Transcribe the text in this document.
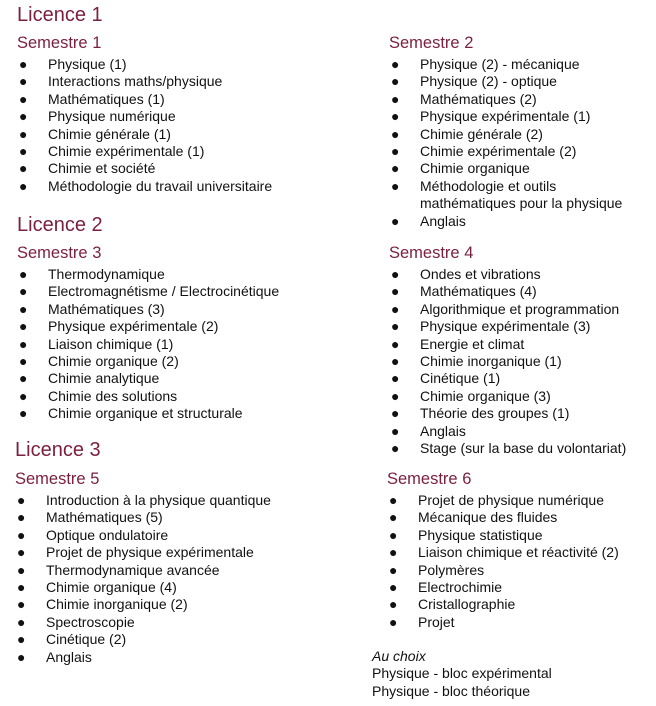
Licence 1
Licence 2
Licence 3
Semestre 1
● Physique (1)
● Interactions maths/physique
● Mathématiques (1)
● Physique numérique
● Chimie générale (1)
● Chimie expérimentale (1)
● Chimie et société
● Méthodologie du travail universitaire
Semestre 2
● Physique (2) - mécanique
● Physique (2) - optique
● Mathématiques (2)
● Physique expérimentale (1)
● Chimie générale (2)
● Chimie expérimentale (2)
● Chimie organique
● Méthodologie et outils mathématiques pour la physique
● Anglais
Semestre 3
● Thermodynamique
● Electromagnétisme / Electrocinétique
● Mathématiques (3)
● Physique expérimentale (2)
● Liaison chimique (1)
● Chimie organique (2)
● Chimie analytique
● Chimie des solutions
● Chimie organique et structurale
Semestre 4
● Ondes et vibrations
● Mathématiques (4)
● Algorithmique et programmation
● Physique expérimentale (3)
● Energie et climat
● Chimie inorganique (1)
● Cinétique (1)
● Chimie organique (3)
● Théorie des groupes (1)
● Anglais
● Stage (sur la base du volontariat)
Semestre 5
● Introduction à la physique quantique
● Mathématiques (5)
● Optique ondulatoire
● Projet de physique expérimentale
● Thermodynamique avancée
● Chimie organique (4)
● Chimie inorganique (2)
● Spectroscopie
● Cinétique (2)
● Anglais
Semestre 6
● Projet de physique numérique
● Mécanique des fluides
● Physique statistique
● Liaison chimique et réactivité (2)
● Polymères
● Electrochimie
● Cristallographie
● Projet
Au choix
Physique - bloc expérimental
Physique - bloc théorique
